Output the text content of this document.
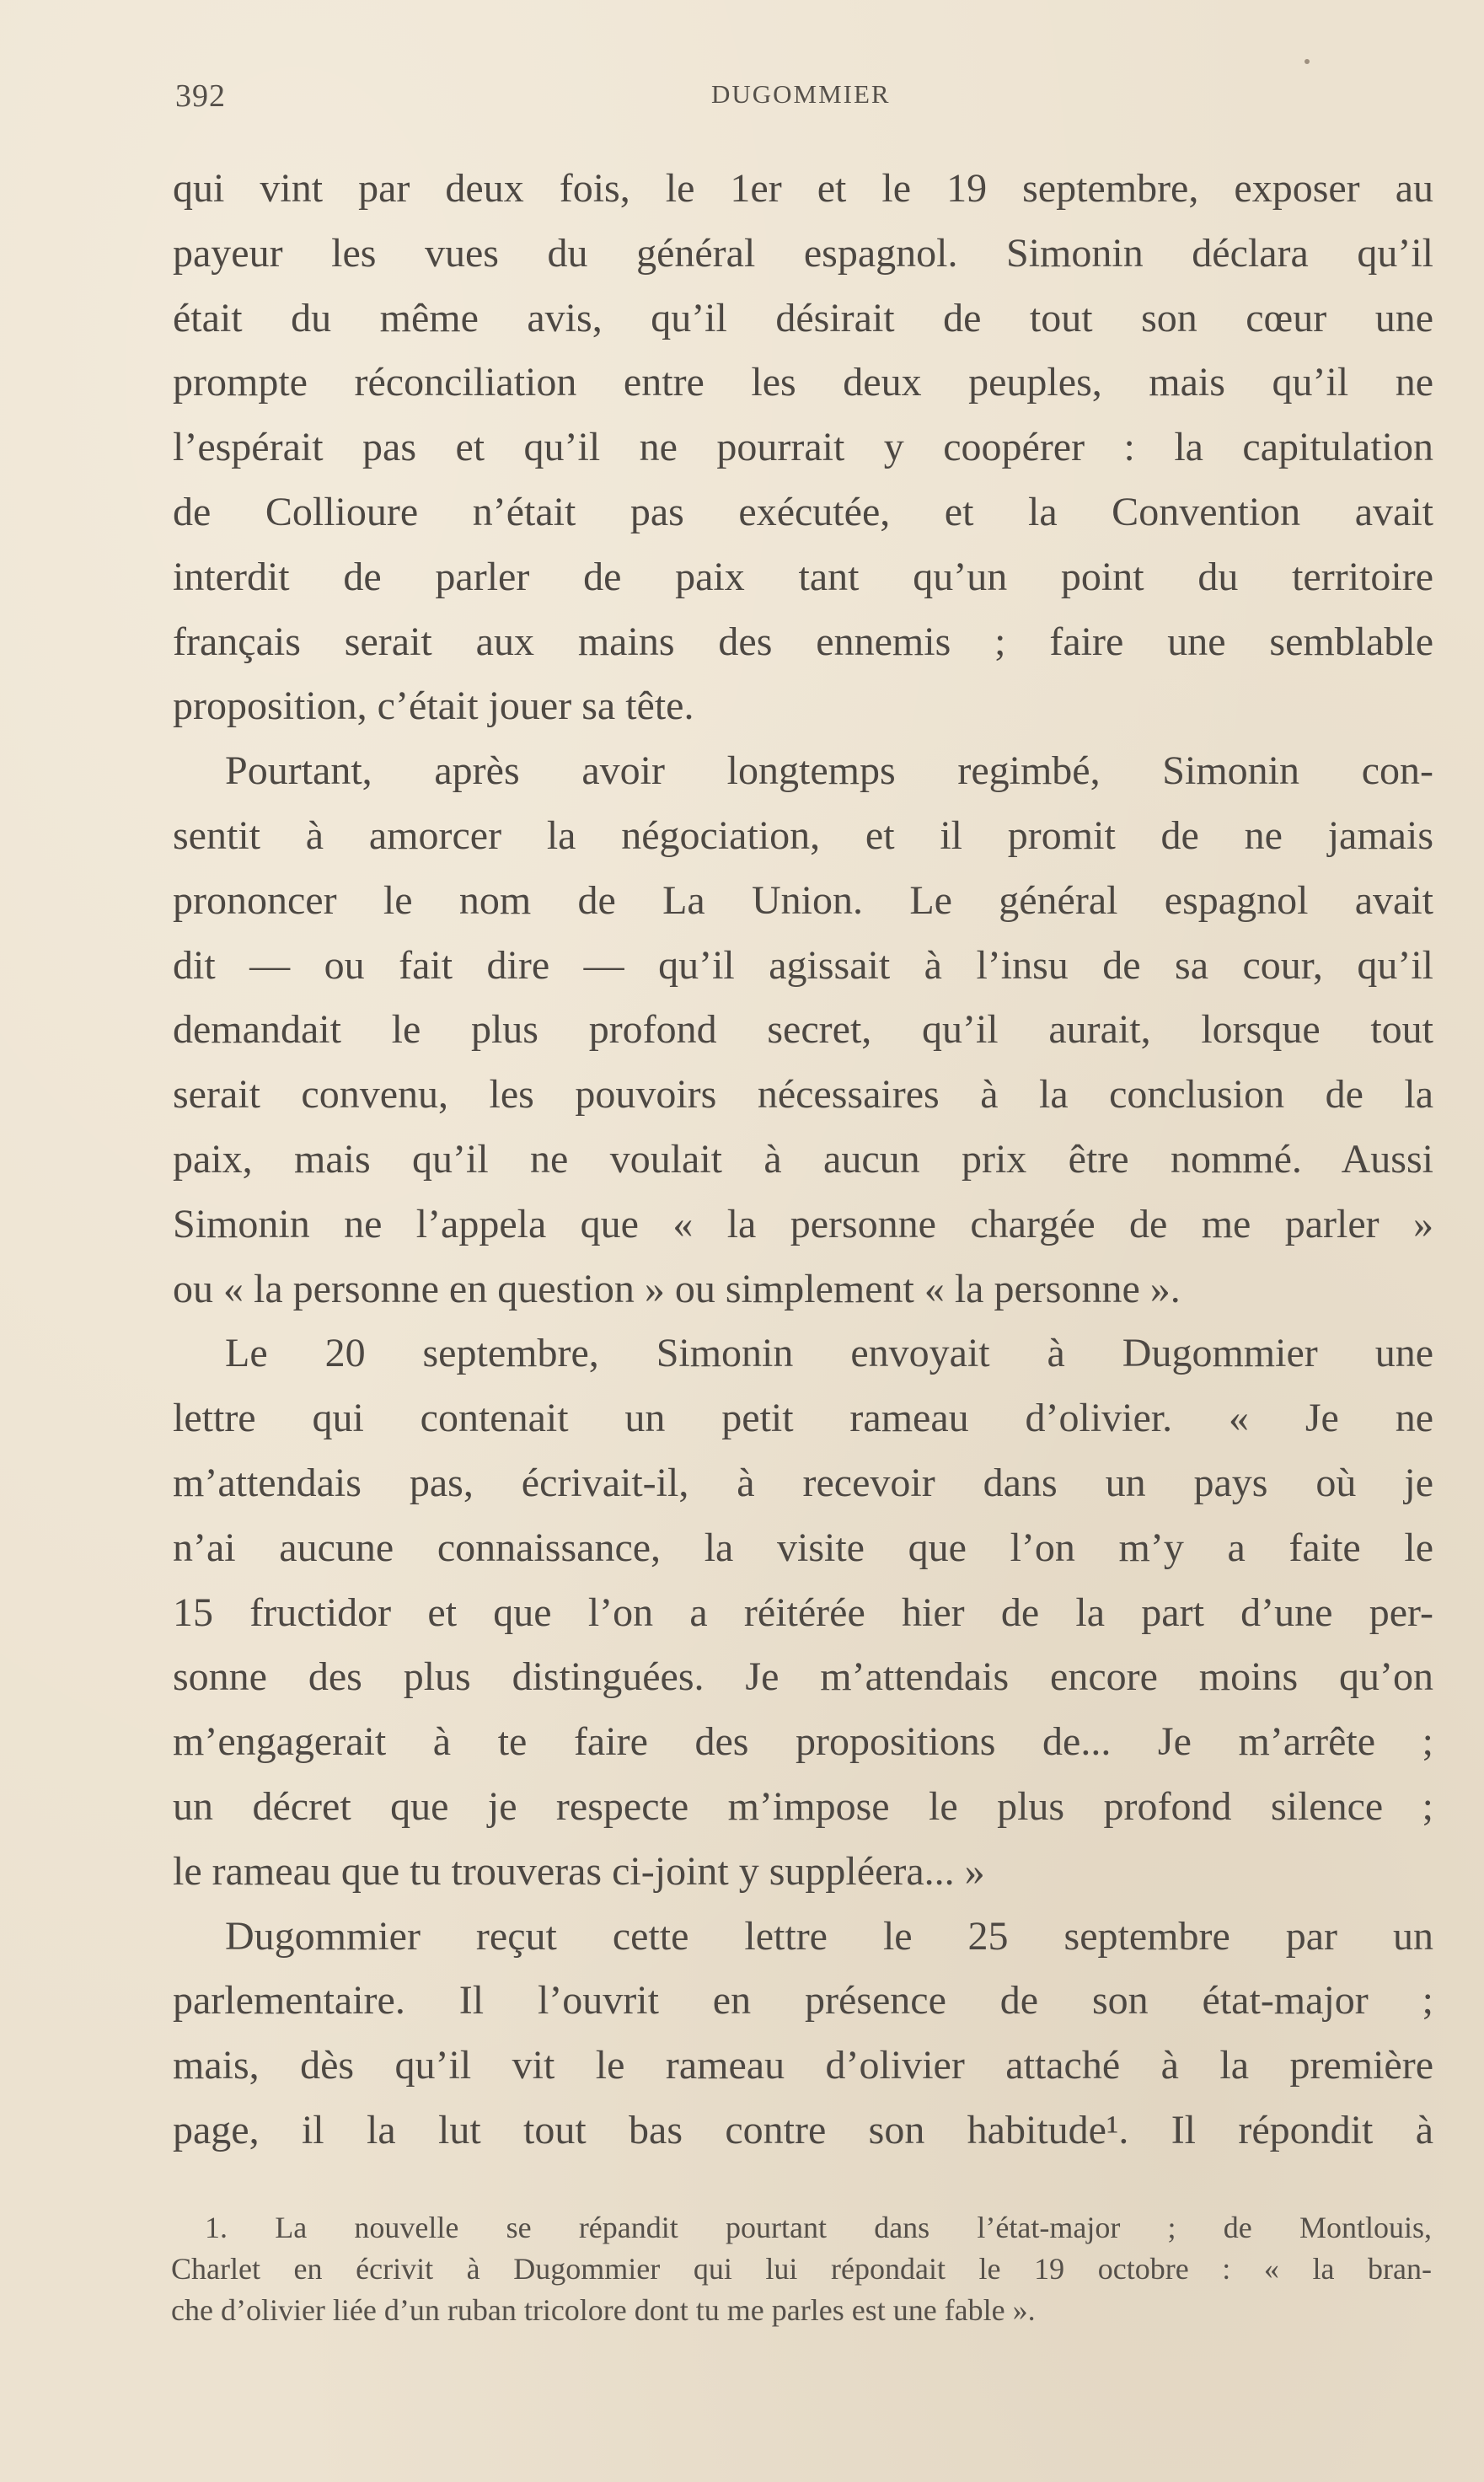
392	DUGOMMIER
qui vint par deux fois, le 1er et le 19 septembre, exposer au
payeur les vues du général espagnol. Simonin déclara qu’il
était du même avis, qu’il désirait de tout son cœur une
prompte réconciliation entre les deux peuples, mais qu’il ne
l’espérait pas et qu’il ne pourrait y coopérer : la capitulation
de Collioure n’était pas exécutée, et la Convention avait
interdit de parler de paix tant qu’un point du territoire
français serait aux mains des ennemis ; faire une semblable
proposition, c’était jouer sa tête.
Pourtant, après avoir longtemps regimbé, Simonin con-
sentit à amorcer la négociation, et il promit de ne jamais
prononcer le nom de La Union. Le général espagnol avait
dit — ou fait dire — qu’il agissait à l’insu de sa cour, qu’il
demandait le plus profond secret, qu’il aurait, lorsque tout
serait convenu, les pouvoirs nécessaires à la conclusion de la
paix, mais qu’il ne voulait à aucun prix être nommé. Aussi
Simonin ne l’appela que « la personne chargée de me parler »
ou « la personne en question » ou simplement « la personne ».
Le 20 septembre, Simonin envoyait à Dugommier une
lettre qui contenait un petit rameau d’olivier. « Je ne
m’attendais pas, écrivait-il, à recevoir dans un pays où je
n’ai aucune connaissance, la visite que l’on m’y a faite le
15 fructidor et que l’on a réitérée hier de la part d’une per-
sonne des plus distinguées. Je m’attendais encore moins qu’on
m’engagerait à te faire des propositions de... Je m’arrête ;
un décret que je respecte m’impose le plus profond silence ;
le rameau que tu trouveras ci-joint y suppléera... »
Dugommier reçut cette lettre le 25 septembre par un
parlementaire. Il l’ouvrit en présence de son état-major ;
mais, dès qu’il vit le rameau d’olivier attaché à la première
page, il la lut tout bas contre son habitude¹. Il répondit à
1. La nouvelle se répandit pourtant dans l’état-major ; de Montlouis,
Charlet en écrivit à Dugommier qui lui répondait le 19 octobre : « la bran-
che d’olivier liée d’un ruban tricolore dont tu me parles est une fable ».
